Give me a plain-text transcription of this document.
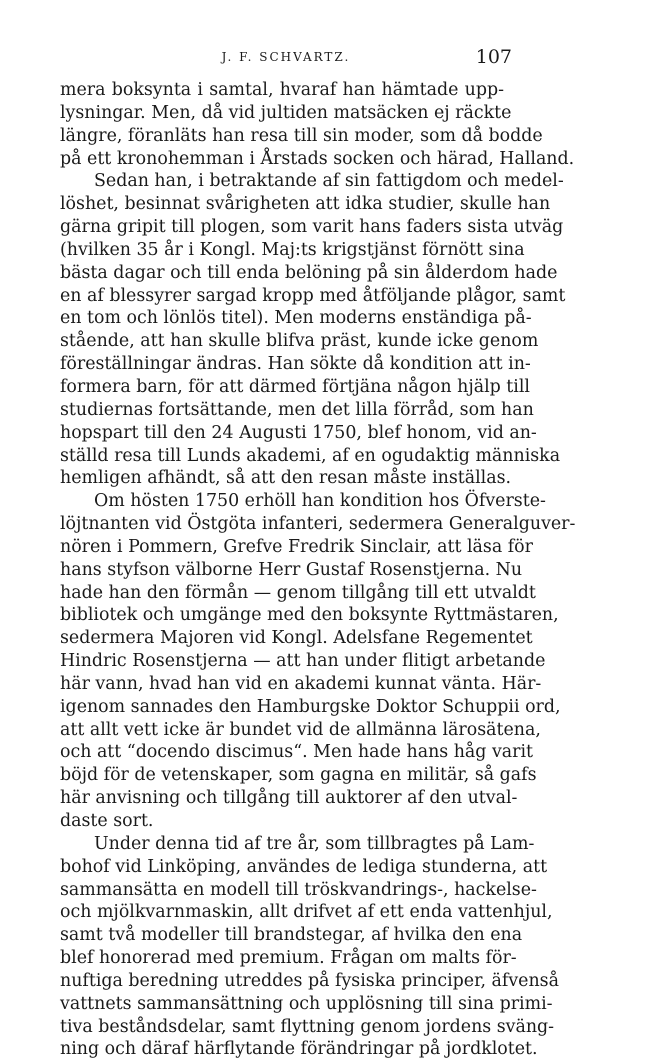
J. F. SCHVARTZ.	107
mera boksynta i samtal, hvaraf han hämtade upp-
lysningar. Men, då vid jultiden matsäcken ej räckte
längre, föranläts han resa till sin moder, som då bodde
på ett kronohemman i Årstads socken och härad, Halland.
Sedan han, i betraktande af sin fattigdom och medel-
löshet, besinnat svårigheten att idka studier, skulle han
gärna gripit till plogen, som varit hans faders sista utväg
(hvilken 35 år i Kongl. Maj:ts krigstjänst förnött sina
bästa dagar och till enda belöning på sin ålderdom hade
en af blessyrer sargad kropp med åtföljande plågor, samt
en tom och lönlös titel). Men moderns enständiga på-
stående, att han skulle blifva präst, kunde icke genom
föreställningar ändras. Han sökte då kondition att in-
formera barn, för att därmed förtjäna någon hjälp till
studiernas fortsättande, men det lilla förråd, som han
hopspart till den 24 Augusti 1750, blef honom, vid an-
ställd resa till Lunds akademi, af en ogudaktig människa
hemligen afhändt, så att den resan måste inställas.
Om hösten 1750 erhöll han kondition hos Öfverste-
löjtnanten vid Östgöta infanteri, sedermera Generalguver-
nören i Pommern, Grefve Fredrik Sinclair, att läsa för
hans styfson välborne Herr Gustaf Rosenstjerna. Nu
hade han den förmån — genom tillgång till ett utvaldt
bibliotek och umgänge med den boksynte Ryttmästaren,
sedermera Majoren vid Kongl. Adelsfane Regementet
Hindric Rosenstjerna — att han under flitigt arbetande
här vann, hvad han vid en akademi kunnat vänta. Här-
igenom sannades den Hamburgske Doktor Schuppii ord,
att allt vett icke är bundet vid de allmänna lärosätena,
och att “docendo discimus“. Men hade hans håg varit
böjd för de vetenskaper, som gagna en militär, så gafs
här anvisning och tillgång till auktorer af den utval-
daste sort.
Under denna tid af tre år, som tillbragtes på Lam-
bohof vid Linköping, användes de lediga stunderna, att
sammansätta en modell till tröskvandrings-, hackelse-
och mjölkvarnmaskin, allt drifvet af ett enda vattenhjul,
samt två modeller till brandstegar, af hvilka den ena
blef honorerad med premium. Frågan om malts för-
nuftiga beredning utreddes på fysiska principer, äfvenså
vattnets sammansättning och upplösning till sina primi-
tiva beståndsdelar, samt flyttning genom jordens sväng-
ning och däraf härflytande förändringar på jordklotet.
